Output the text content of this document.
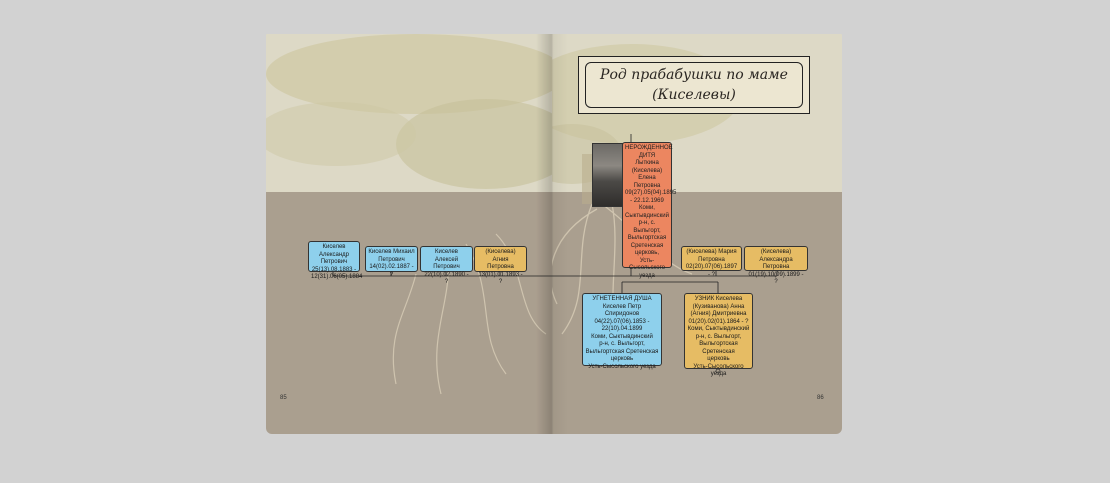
Род прабабушки по маме
(Киселевы)
НЕРОЖДЕННОЕ
ДИТЯ
Лыткина
(Киселева)
Елена
Петровна
09(27).05(04).1895
- 22.12.1969
Коми,
Сыктывдинский
р-н, с.
Выльгорт,
Выльгортская
Сретенская
церковь,
Усть-Сысольского
уезда
Киселев Александр
Петрович
25(13).08.1883 -
12(31).06(05).1884
Киселев Михаил
Петрович
14(02).02.1887 - ?
Киселев Алексей
Петрович
22(10).02.1890 - ?
(Киселева) Агния
Петровна
13(01).01.1893 - ?
(Киселева) Мария
Петровна
02(20).07(06).1897 - ?
(Киселева) Александра
Петровна
01(19).10(09).1899 - ?
УГНЕТЕННАЯ ДУША
Киселев Петр Спиридонов
04(22).07(06).1853 -
22(10).04.1899
Коми, Сыктывдинский
р-н, с. Выльгорт,
Выльгортская Сретенская
церковь
Усть-Сысольского уезда
УЗНИК Киселева
(Кузиванова) Анна
(Агния) Дмитриевна
01(20).02(01).1864 - ?
Коми, Сыктывдинский
р-н, с. Выльгорт,
Выльгортская Сретенская
церковь
Усть-Сысольского уезда
85	86
